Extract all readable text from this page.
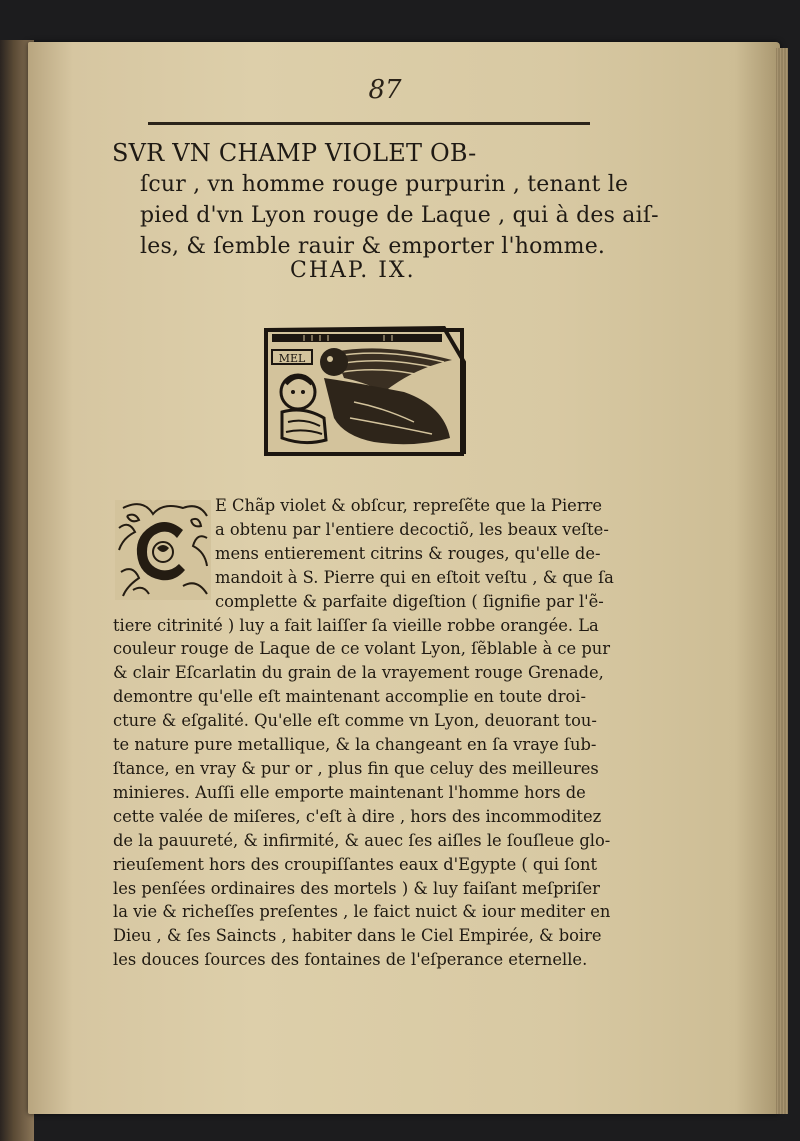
87
SVR VN CHAMP VIOLET OB-
ſcur , vn homme rouge purpurin , tenant le
pied d'vn Lyon rouge de Laque , qui à des aiſ-
les, & ſemble rauir & emporter l'homme.
CHAP. IX.
MEL
E Chãp violet & obſcur, repreſẽte que la Pierre
a obtenu par l'entiere decoctiõ, les beaux veſte-
mens entierement citrins & rouges, qu'elle de-
mandoit à S. Pierre qui en eſtoit veſtu , & que ſa
complette & parfaite digeſtion ( ſignifie par l'ẽ-
tiere citrinité ) luy a fait laiſſer ſa vieille robbe orangée. La
couleur rouge de Laque de ce volant Lyon, ſẽblable à ce pur
& clair Eſcarlatin du grain de la vrayement rouge Grenade,
demontre qu'elle eſt maintenant accomplie en toute droi-
cture & eſgalité. Qu'elle eſt comme vn Lyon, deuorant tou-
te nature pure metallique, & la changeant en ſa vraye ſub-
ſtance, en vray & pur or , plus fin que celuy des meilleures
minieres. Auſſi elle emporte maintenant l'homme hors de
cette valée de miſeres, c'eſt à dire , hors des incommoditez
de la pauureté, & infirmité, & auec ſes aiſles le ſouſleue glo-
rieuſement hors des croupiſſantes eaux d'Egypte ( qui ſont
les penſées ordinaires des mortels ) & luy faiſant meſpriſer
la vie & richeſſes preſentes , le faict nuict & iour mediter en
Dieu , & ſes Saincts , habiter dans le Ciel Empirée, & boire
les douces ſources des fontaines de l'eſperance eternelle.
